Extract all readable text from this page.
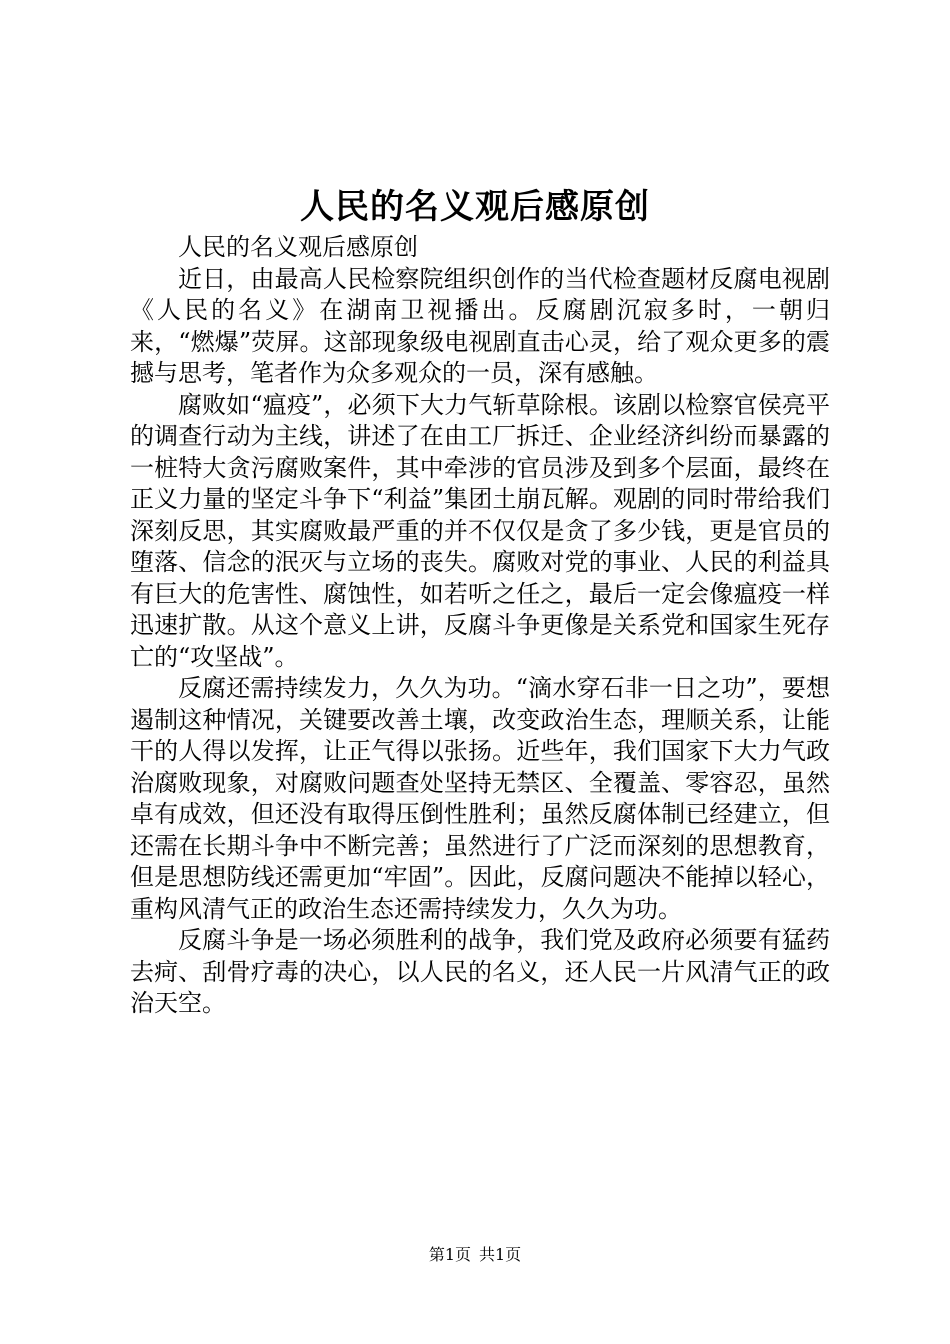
人民的名义观后感原创

人民的名义观后感原创

近日，由最高人民检察院组织创作的当代检查题材反腐电视剧《人民的名义》在湖南卫视播出。反腐剧沉寂多时，一朝归来，“燃爆”荧屏。这部现象级电视剧直击心灵，给了观众更多的震撼与思考，笔者作为众多观众的一员，深有感触。

腐败如“瘟疫”，必须下大力气斩草除根。该剧以检察官侯亮平的调查行动为主线，讲述了在由工厂拆迁、企业经济纠纷而暴露的一桩特大贪污腐败案件，其中牵涉的官员涉及到多个层面，最终在正义力量的坚定斗争下“利益”集团土崩瓦解。观剧的同时带给我们深刻反思，其实腐败最严重的并不仅仅是贪了多少钱，更是官员的堕落、信念的泯灭与立场的丧失。腐败对党的事业、人民的利益具有巨大的危害性、腐蚀性，如若听之任之，最后一定会像瘟疫一样迅速扩散。从这个意义上讲，反腐斗争更像是关系党和国家生死存亡的“攻坚战”。

反腐还需持续发力，久久为功。“滴水穿石非一日之功”，要想遏制这种情况，关键要改善土壤，改变政治生态，理顺关系，让能干的人得以发挥，让正气得以张扬。近些年，我们国家下大力气政治腐败现象，对腐败问题查处坚持无禁区、全覆盖、零容忍，虽然卓有成效，但还没有取得压倒性胜利；虽然反腐体制已经建立，但还需在长期斗争中不断完善；虽然进行了广泛而深刻的思想教育，但是思想防线还需更加“牢固”。因此，反腐问题决不能掉以轻心，重构风清气正的政治生态还需持续发力，久久为功。

反腐斗争是一场必须胜利的战争，我们党及政府必须要有猛药去疴、刮骨疗毒的决心，以人民的名义，还人民一片风清气正的政治天空。

第1页 共1页
